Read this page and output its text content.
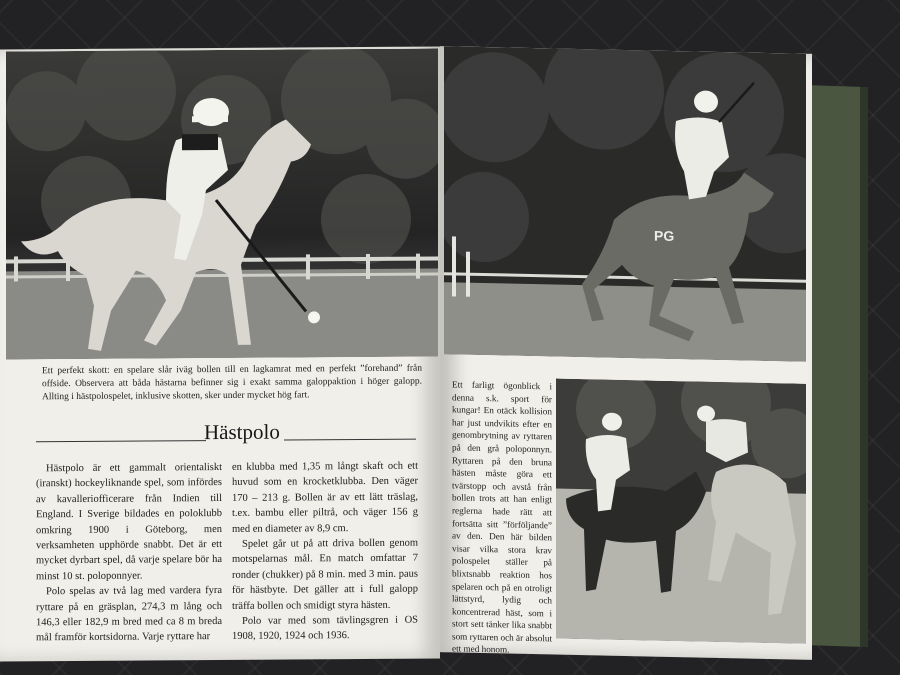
Ett perfekt skott: en spelare slår iväg bollen till en lagkamrat med en perfekt ”forehand” från offside. Observera att båda hästarna befinner sig i exakt samma galoppaktion i höger galopp. Allting i hästpolospelet, inklusive skotten, sker under mycket hög fart.
Hästpolo

Hästpolo är ett gammalt orientaliskt (iranskt) hockeyliknande spel, som infördes av kavalleriofficerare från Indien till England. I Sverige bildades en poloklubb omkring 1900 i Göteborg, men verksamheten upphörde snabbt. Det är ett mycket dyrbart spel, då varje spelare bör ha minst 10 st. poloponnyer.

Polo spelas av två lag med vardera fyra ryttare på en gräsplan, 274,3 m lång och 146,3 eller 182,9 m bred med ca 8 m breda mål framför kortsidorna. Varje ryttare har

en klubba med 1,35 m långt skaft och ett huvud som en krocketklubba. Den väger 170 – 213 g. Bollen är av ett lätt träslag, t.ex. bambu eller piltrå, och väger 156 g med en diameter av 8,9 cm.

Spelet går ut på att driva bollen genom motspelarnas mål. En match omfattar 7 ronder (chukker) på 8 min. med 3 min. paus för hästbyte. Det gäller att i full galopp träffa bollen och smidigt styra hästen.

Polo var med som tävlingsgren i OS 1908, 1920, 1924 och 1936.

PG
Ett farligt ögonblick i denna s.k. sport för kungar! En otäck kollision har just undvikits efter en genombrytning av ryttaren på den grå poloponnyn. Ryttaren på den bruna hästen måste göra ett tvärstopp och avstå från bollen trots att han enligt reglerna hade rätt att fortsätta sitt ”förföljande” av den. Den här bilden visar vilka stora krav polospelet ställer på blixtsnabb reaktion hos spelaren och på en otroligt lättstyrd, lydig och koncentrerad häst, som i stort sett tänker lika snabbt som ryttaren och är absolut ett med honom.
